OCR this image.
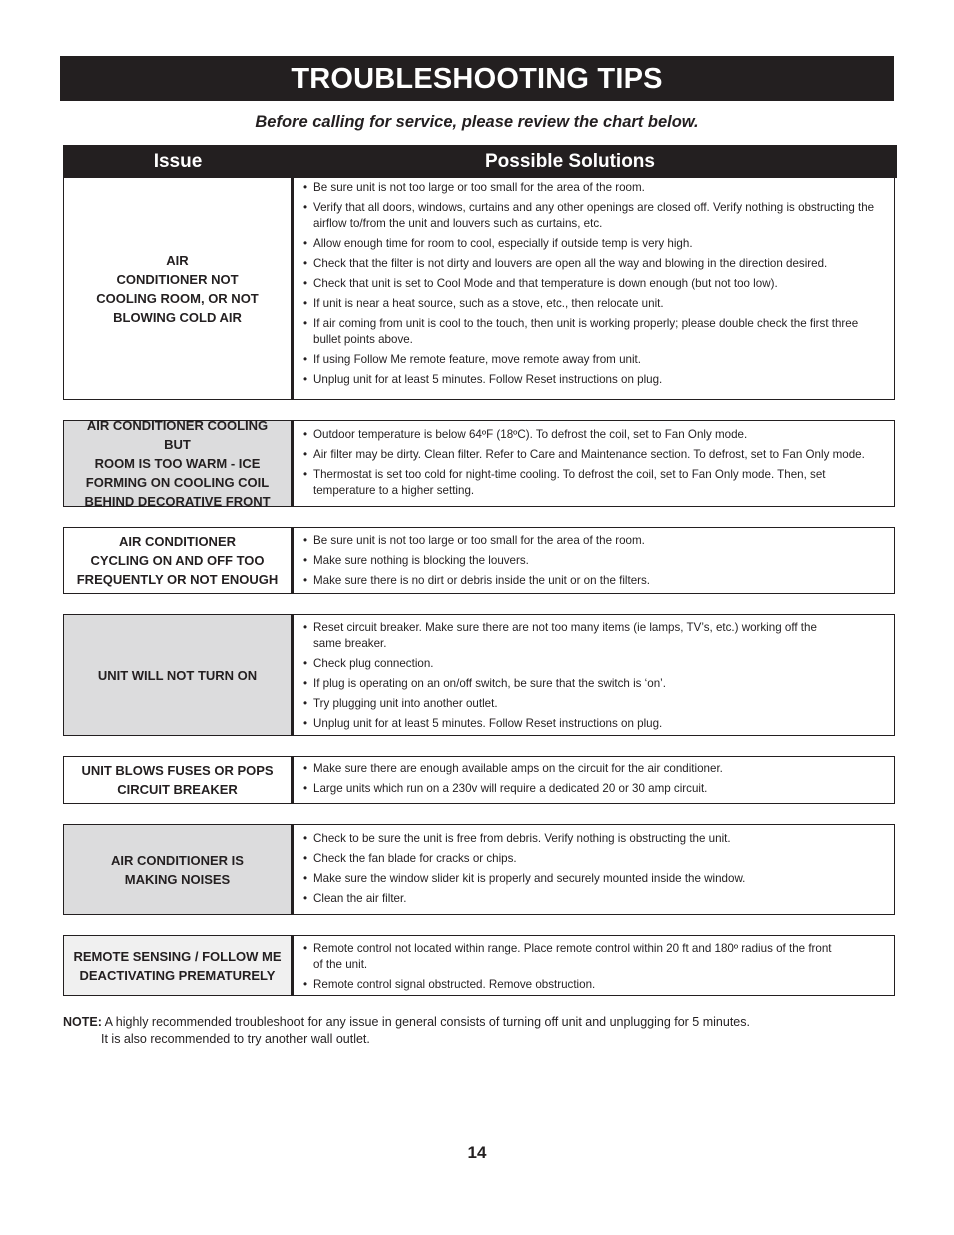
TROUBLESHOOTING TIPS
Before calling for service, please review the chart below.
Issue	Possible Solutions
AIR
CONDITIONER NOT
COOLING ROOM, OR NOT
BLOWING COLD AIR
• Be sure unit is not too large or too small for the area of the room.
• Verify that all doors, windows, curtains and any other openings are closed off. Verify nothing is obstructing the airflow to/from the unit and louvers such as curtains, etc.
• Allow enough time for room to cool, especially if outside temp is very high.
• Check that the filter is not dirty and louvers are open all the way and blowing in the direction desired.
• Check that unit is set to Cool Mode and that temperature is down enough (but not too low).
• If unit is near a heat source, such as a stove, etc., then relocate unit.
• If air coming from unit is cool to the touch, then unit is working properly; please double check the first three bullet points above.
• If using Follow Me remote feature, move remote away from unit.
• Unplug unit for at least 5 minutes. Follow Reset instructions on plug.
AIR CONDITIONER COOLING BUT
ROOM IS TOO WARM - ICE
FORMING ON COOLING COIL
BEHIND DECORATIVE FRONT
• Outdoor temperature is below 64ºF (18ºC). To defrost the coil, set to Fan Only mode.
• Air filter may be dirty. Clean filter. Refer to Care and Maintenance section. To defrost, set to Fan Only mode.
• Thermostat is set too cold for night-time cooling. To defrost the coil, set to Fan Only mode. Then, set
temperature to a higher setting.
AIR CONDITIONER
CYCLING ON AND OFF TOO
FREQUENTLY OR NOT ENOUGH
• Be sure unit is not too large or too small for the area of the room.
• Make sure nothing is blocking the louvers.
• Make sure there is no dirt or debris inside the unit or on the filters.
UNIT WILL NOT TURN ON
• Reset circuit breaker. Make sure there are not too many items (ie lamps, TV’s, etc.) working off the
same breaker.
• Check plug connection.
• If plug is operating on an on/off switch, be sure that the switch is ‘on’.
• Try plugging unit into another outlet.
• Unplug unit for at least 5 minutes. Follow Reset instructions on plug.
UNIT BLOWS FUSES OR POPS
CIRCUIT BREAKER
• Make sure there are enough available amps on the circuit for the air conditioner.
• Large units which run on a 230v will require a dedicated 20 or 30 amp circuit.
AIR CONDITIONER IS
MAKING NOISES
• Check to be sure the unit is free from debris. Verify nothing is obstructing the unit.
• Check the fan blade for cracks or chips.
• Make sure the window slider kit is properly and securely mounted inside the window.
• Clean the air filter.
REMOTE SENSING / FOLLOW ME
DEACTIVATING PREMATURELY
• Remote control not located within range. Place remote control within 20 ft and 180º radius of the front
of the unit.
• Remote control signal obstructed. Remove obstruction.
NOTE: A highly recommended troubleshoot for any issue in general consists of turning off unit and unplugging for 5 minutes.
It is also recommended to try another wall outlet.
14
